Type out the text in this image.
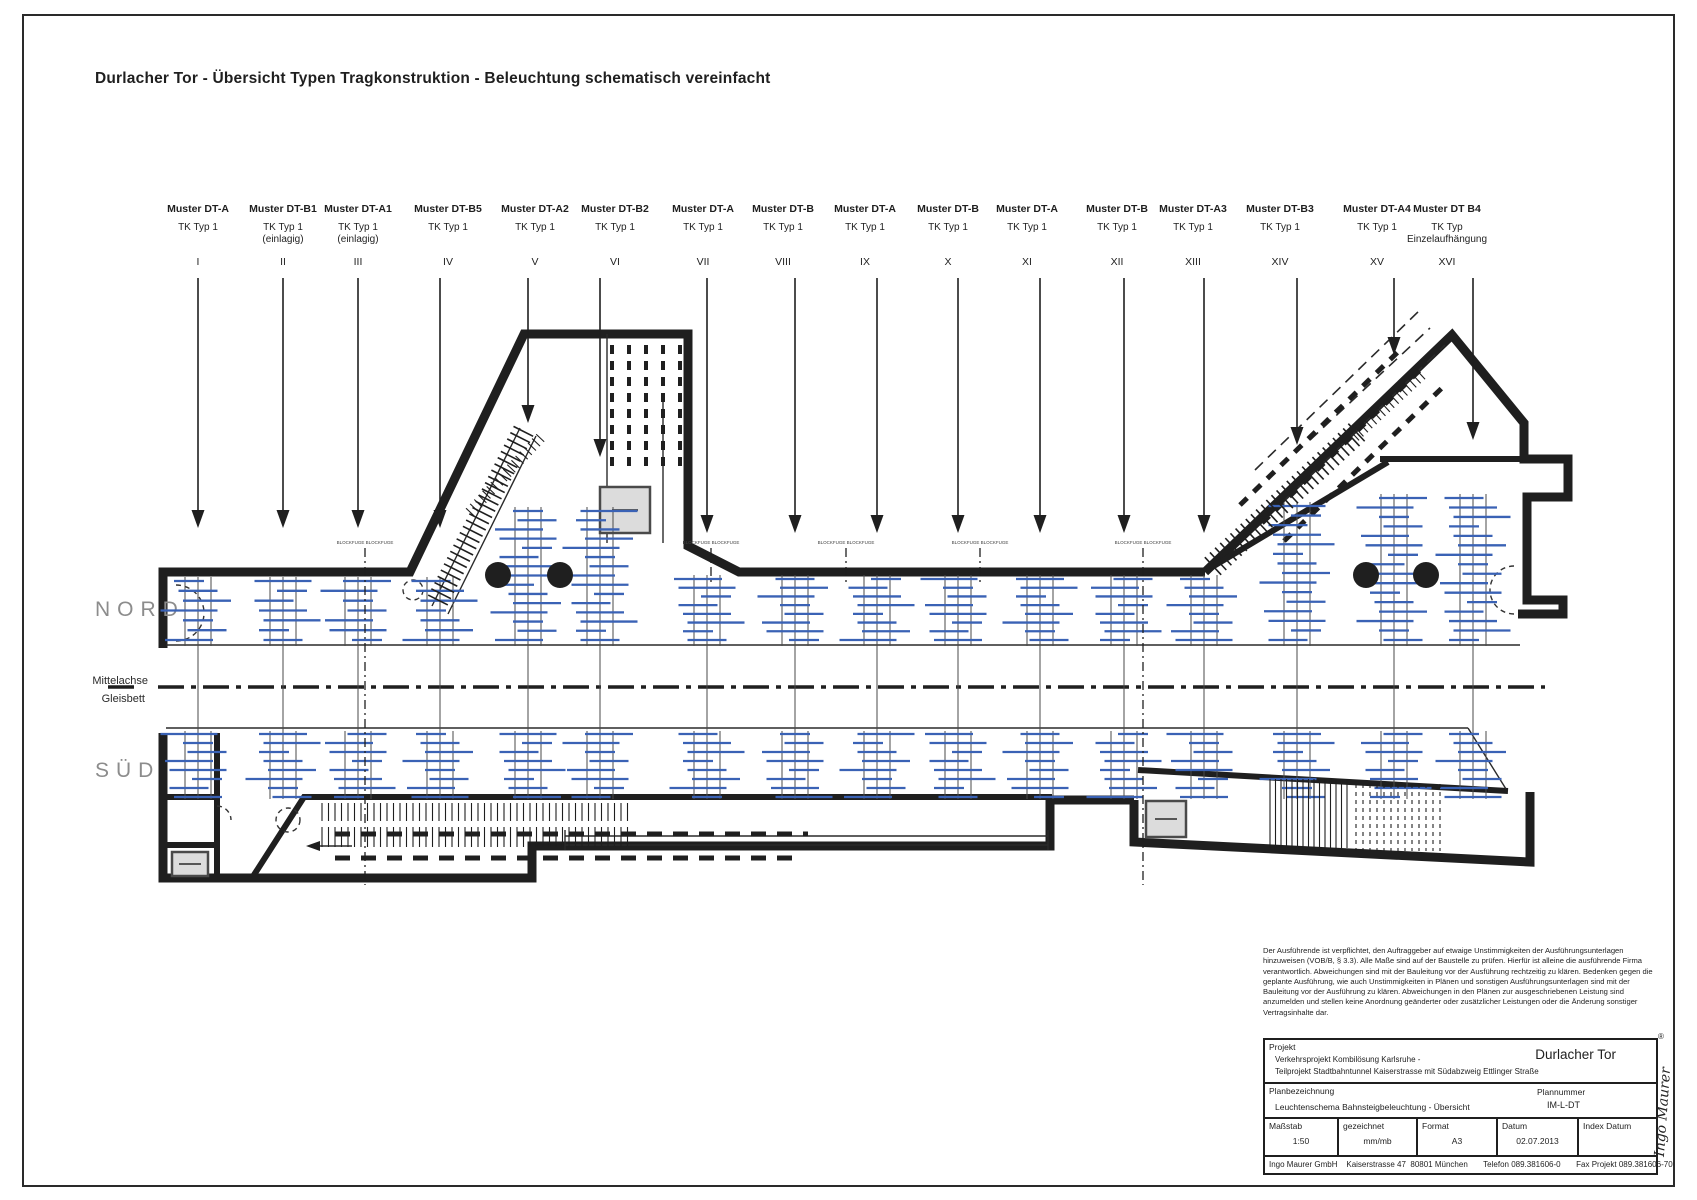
Durlacher Tor - Übersicht Typen Tragkonstruktion - Beleuchtung schematisch vereinfacht
Muster DT-A
TK Typ 1
I
Muster DT-B1
TK Typ 1
(einlagig)
II
Muster DT-A1
TK Typ 1
(einlagig)
III
Muster DT-B5
TK Typ 1
IV
Muster DT-A2
TK Typ 1
V
Muster DT-B2
TK Typ 1
VI
Muster DT-A
TK Typ 1
VII
Muster DT-B
TK Typ 1
VIII
Muster DT-A
TK Typ 1
IX
Muster DT-B
TK Typ 1
X
Muster DT-A
TK Typ 1
XI
Muster DT-B
TK Typ 1
XII
Muster DT-A3
TK Typ 1
XIII
Muster DT-B3
TK Typ 1
XIV
Muster DT-A4
TK Typ 1
XV
Muster DT B4
TK Typ
Einzelaufhängung
XVI
NORD
SÜD
Mittelachse
Gleisbett
BLOCKFUGE BLOCKFUGE	BLOCKFUGE BLOCKFUGE	BLOCKFUGE BLOCKFUGE	BLOCKFUGE BLOCKFUGE	BLOCKFUGE BLOCKFUGE
Der Ausführende ist verpflichtet, den Auftraggeber auf etwaige Unstimmigkeiten der Ausführungsunterlagen hinzuweisen (VOB/B, § 3.3). Alle Maße sind auf der Baustelle zu prüfen. Hierfür ist alleine die ausführende Firma verantwortlich. Abweichungen sind mit der Bauleitung vor der Ausführung rechtzeitig zu klären. Bedenken gegen die geplante Ausführung, wie auch Unstimmigkeiten in Plänen und sonstigen Ausführungsunterlagen sind mit der Bauleitung vor der Ausführung zu klären. Abweichungen in den Plänen zur ausgeschriebenen Leistung sind anzumelden und stellen keine Anordnung geänderter oder zusätzlicher Leistungen oder die Änderung sonstiger Vertragsinhalte dar.
Projekt
Verkehrsprojekt Kombilösung Karlsruhe -
Teilprojekt Stadtbahntunnel Kaiserstrasse mit Südabzweig Ettlinger Straße
Durlacher Tor
Planbezeichnung
Leuchtenschema Bahnsteigbeleuchtung - Übersicht
Plannummer
IM-L-DT
Maßstab
1:50
gezeichnet
mm/mb
Format
A3
Datum
02.07.2013
Index Datum
Ingo Maurer GmbH    Kaiserstrasse 47  80801 München       Telefon 089.381606-0       Fax Projekt 089.381606-70
®
Ingo Maurer
